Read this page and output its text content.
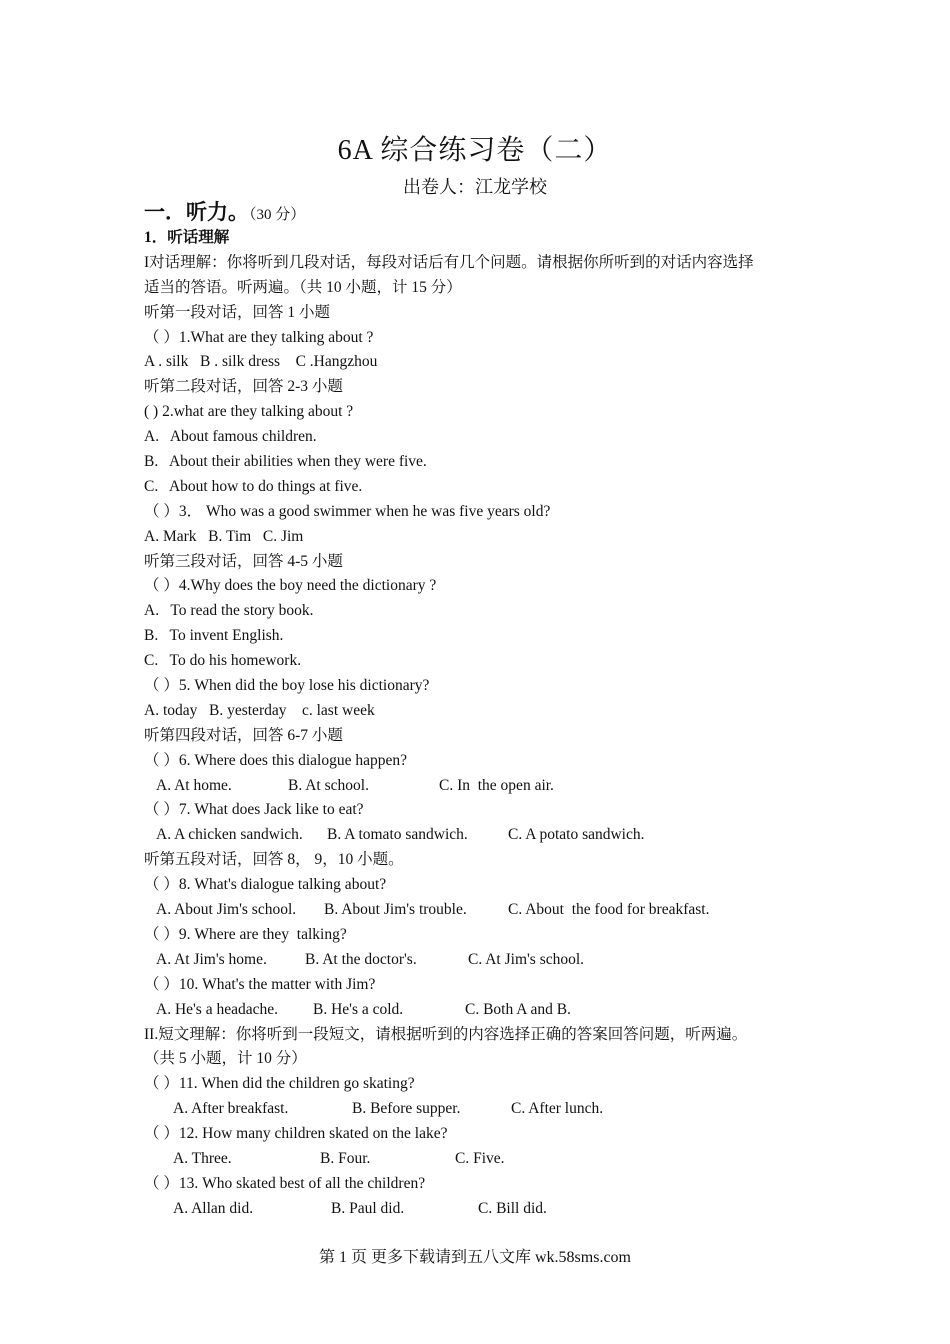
6A 综合练习卷（二）
出卷人：江龙学校
一．听力。（30 分）
1．听话理解
I对话理解：你将听到几段对话，每段对话后有几个问题。请根据你所听到的对话内容选择
适当的答语。听两遍。（共 10 小题，计 15 分）
听第一段对话，回答 1 小题
（ ）1.What are they talking about ?
A . silk   B . silk dress    C .Hangzhou
听第二段对话，回答 2-3 小题
( ) 2.what are they talking about ?
A.   About famous children.
B.   About their abilities when they were five.
C.   About how to do things at five.
（ ）3． Who was a good swimmer when he was five years old?
A. Mark   B. Tim   C. Jim
听第三段对话，回答 4-5 小题
（ ）4.Why does the boy need the dictionary ?
A.   To read the story book.
B.   To invent English.
C.   To do his homework.
（ ）5. When did the boy lose his dictionary?
A. today   B. yesterday    c. last week
听第四段对话，回答 6-7 小题
（ ）6. Where does this dialogue happen?
A. At home.	B. At school.	C. In  the open air.
（ ）7. What does Jack like to eat?
A. A chicken sandwich. B. A tomato sandwich.	C. A potato sandwich.
听第五段对话，回答 8， 9，10 小题。
（ ）8. What's dialogue talking about?
A. About Jim's school. B. About Jim's trouble.	C. About  the food for breakfast.
（ ）9. Where are they  talking?
A. At Jim's home. B. At the doctor's.	C. At Jim's school.
（ ）10. What's the matter with Jim?
A. He's a headache. B. He's a cold.	C. Both A and B.
II.短文理解：你将听到一段短文，请根据听到的内容选择正确的答案回答问题，听两遍。
（共 5 小题，计 10 分）
（ ）11. When did the children go skating?
A. After breakfast.	B. Before supper.	C. After lunch.
（ ）12. How many children skated on the lake?
A. Three.	B. Four.	C. Five.
（ ）13. Who skated best of all the children?
A. Allan did.	B. Paul did.	C. Bill did.
第 1 页 更多下载请到五八文库 wk.58sms.com
